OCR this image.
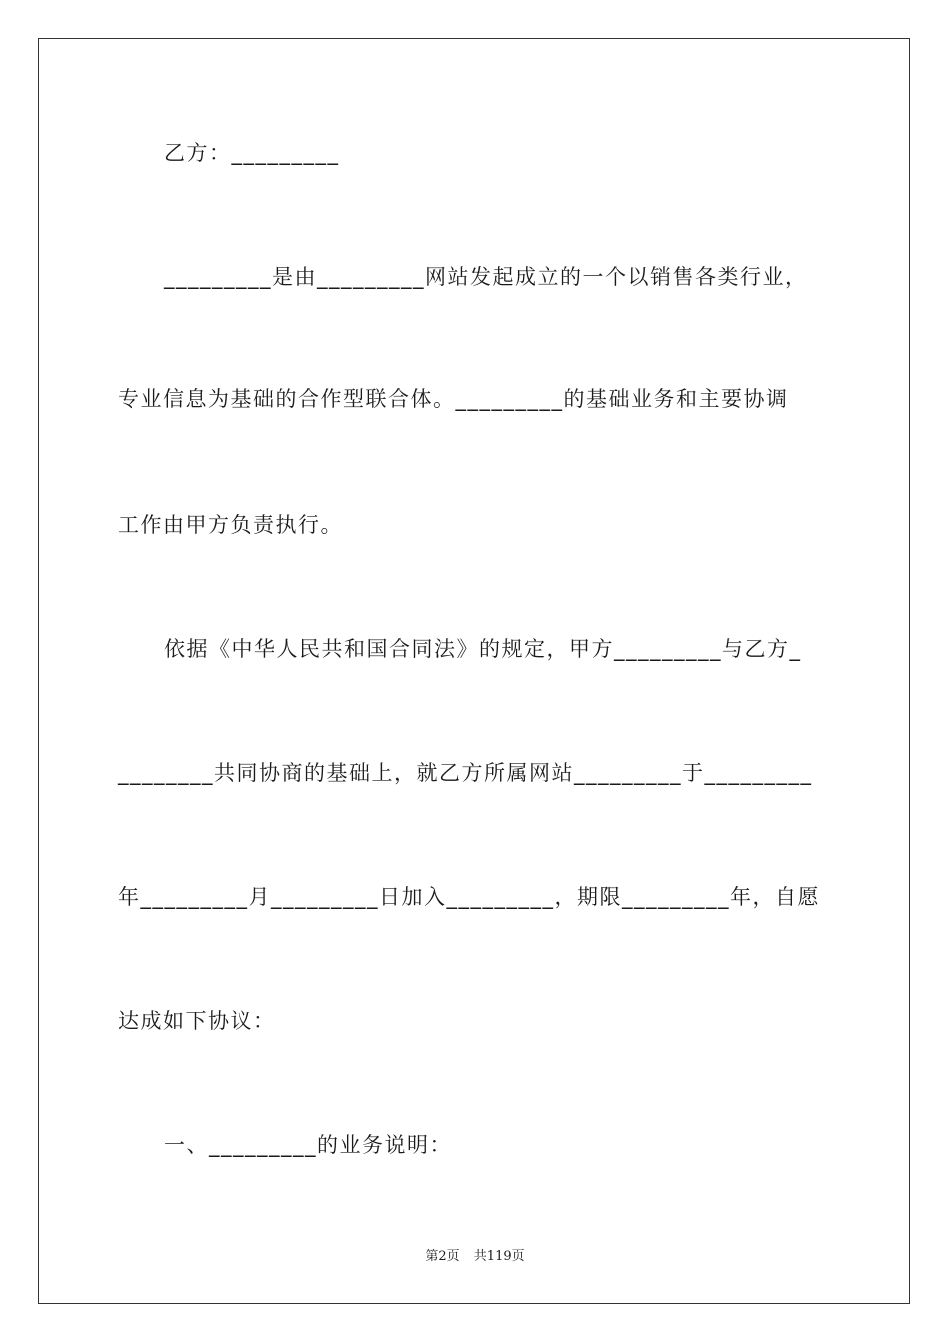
乙方：_________
_________是由_________网站发起成立的一个以销售各类行业，
专业信息为基础的合作型联合体。_________的基础业务和主要协调
工作由甲方负责执行。
依据《中华人民共和国合同法》的规定，甲方_________与乙方_
________共同协商的基础上，就乙方所属网站_________于_________
年_________月_________日加入_________，期限_________年，自愿
达成如下协议：
一、_________的业务说明：
第2页 共119页
